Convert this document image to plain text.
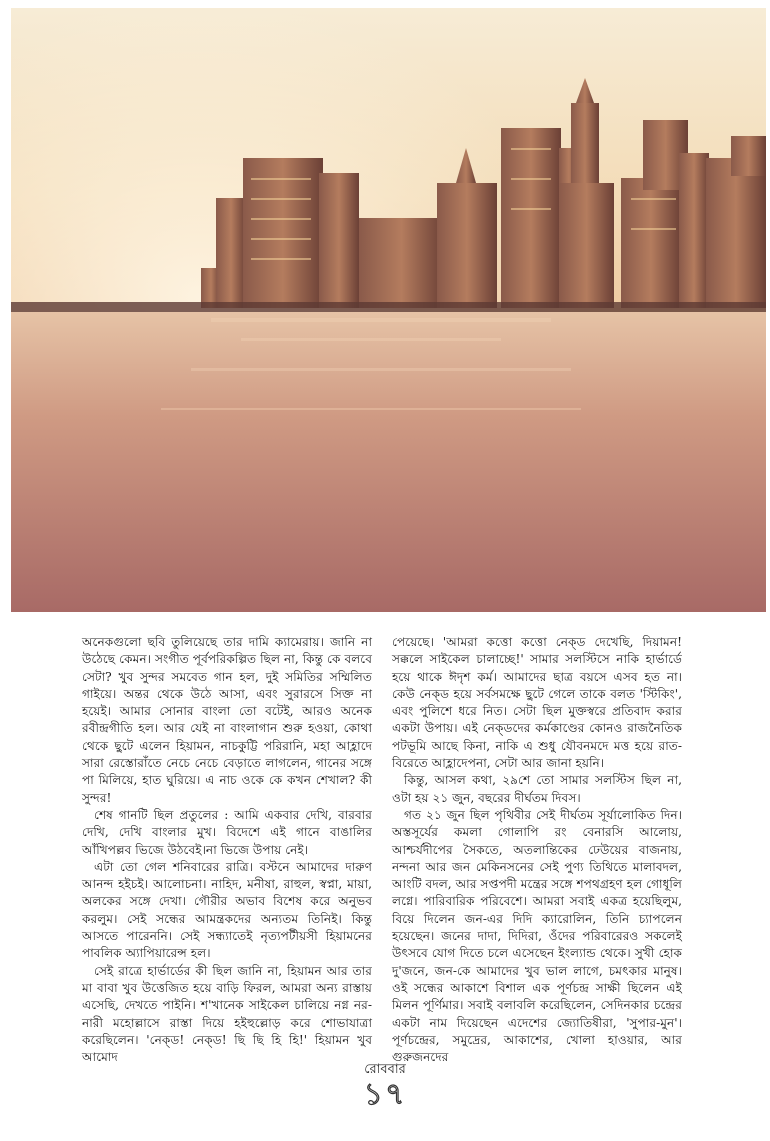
অনেকগুলো ছবি তুলিয়েছে তার দামি ক্যামেরায়। জানি না উঠেছে কেমন। সংগীত পূর্বপরিকল্পিত ছিল না, কিন্তু কে বলবে সেটা? খুব সুন্দর সমবেত গান হল, দুই সমিতির সম্মিলিত গাইয়ে। অন্তর থেকে উঠে আসা, এবং সুরারসে সিক্ত না হয়েই। আমার সোনার বাংলা তো বটেই, আরও অনেক রবীন্দ্রগীতি হল। আর যেই না বাংলাগান শুরু হওয়া, কোথা থেকে ছুটে এলেন হিয়ামন, নাচকুট্টি পরিরানি, মহা আহ্লাদে সারা রেস্তোরাঁতে নেচে নেচে বেড়াতে লাগলেন, গানের সঙ্গে পা মিলিয়ে, হাত ঘুরিয়ে। এ নাচ ওকে কে কখন শেখাল? কী সুন্দর!

শেষ গানটি ছিল প্রতুলের : আমি একবার দেখি, বারবার দেখি, দেখি বাংলার মুখ। বিদেশে এই গানে বাঙালির আঁখিপল্লব ভিজে উঠবেই।না ভিজে উপায় নেই।

এটা তো গেল শনিবারের রাত্রি। বস্টনে আমাদের দারুণ আনন্দ হইচই। আলোচনা। নাহিদ, মনীষা, রাহুল, স্বপ্না, মায়া, অলকের সঙ্গে দেখা। গৌরীর অভাব বিশেষ করে অনুভব করলুম। সেই সন্ধের আমন্ত্রকদের অন্যতম তিনিই। কিন্তু আসতে পারেননি। সেই সন্ধ্যাতেই নৃত্যপটীয়সী হিয়ামনের পাবলিক অ্যাপিয়ারেন্স হল।

সেই রাত্রে হার্ভার্ডের কী ছিল জানি না, হিয়ামন আর তার মা বাবা খুব উত্তেজিত হয়ে বাড়ি ফিরল, আমরা অন্য রাস্তায় এসেছি, দেখতে পাইনি। শ'খানেক সাইকেল চালিয়ে নগ্ন নর-নারী মহোল্লাসে রাস্তা দিয়ে হইহুল্লোড় করে শোভাযাত্রা করেছিলেন। 'নেক্ড! নেক্ড! ছি ছি হি হি!' হিয়ামন খুব আমোদ

পেয়েছে। 'আমরা কত্তো কত্তো নেক্ড দেখেছি, দিয়ামন! সক্কলে সাইকেল চালাচ্ছে!' সামার সলস্টিসে নাকি হার্ভার্ডে হয়ে থাকে ঈদৃশ কর্ম। আমাদের ছাত্র বয়সে এসব হত না। কেউ নেক্ড হয়ে সর্বসমক্ষে ছুটে গেলে তাকে বলত 'স্টিকিং', এবং পুলিশে ধরে নিত। সেটা ছিল মুক্তস্বরে প্রতিবাদ করার একটা উপায়। এই নেক্ডদের কর্মকাণ্ডের কোনও রাজনৈতিক পটভূমি আছে কিনা, নাকি এ শুধু যৌবনমদে মত্ত হয়ে রাত-বিরেতে আহ্লাদেপনা, সেটা আর জানা হয়নি।

কিন্তু, আসল কথা, ২৯শে তো সামার সলস্টিস ছিল না, ওটা হয় ২১ জুন, বছরের দীর্ঘতম দিবস।

গত ২১ জুন ছিল পৃথিবীর সেই দীর্ঘতম সূর্যালোকিত দিন। অস্তসূর্যের কমলা গোলাপি রং বেনারসি আলোয়, আশ্চর্যদীপের সৈকতে, অতলান্তিকের ঢেউয়ের বাজনায়, নন্দনা আর জন মেকিনসনের সেই পুণ্য তিথিতে মালাবদল, আংটি বদল, আর সপ্তপদী মন্ত্রের সঙ্গে শপথগ্রহণ হল গোধূলি লগ্নে। পারিবারিক পরিবেশে। আমরা সবাই একত্র হয়েছিলুম, বিয়ে দিলেন জন-এর দিদি ক্যারোলিন, তিনি চ্যাপলেন হয়েছেন। জনের দাদা, দিদিরা, ওঁদের পরিবারেরও সকলেই উৎসবে যোগ দিতে চলে এসেছেন ইংল্যান্ড থেকে। সুখী হোক দু'জনে, জন-কে আমাদের খুব ভাল লাগে, চমৎকার মানুষ। ওই সন্ধের আকাশে বিশাল এক পূর্ণচন্দ্র সাক্ষী ছিলেন এই মিলন পূর্ণিমার। সবাই বলাবলি করেছিলেন, সেদিনকার চন্দ্রের একটা নাম দিয়েছেন এদেশের জ্যোতিষীরা, 'সুপার-মুন'। পূর্ণচন্দ্রের, সমুদ্রের, আকাশের, খোলা হাওয়ার, আর গুরুজনদের

রোববার
১৭
